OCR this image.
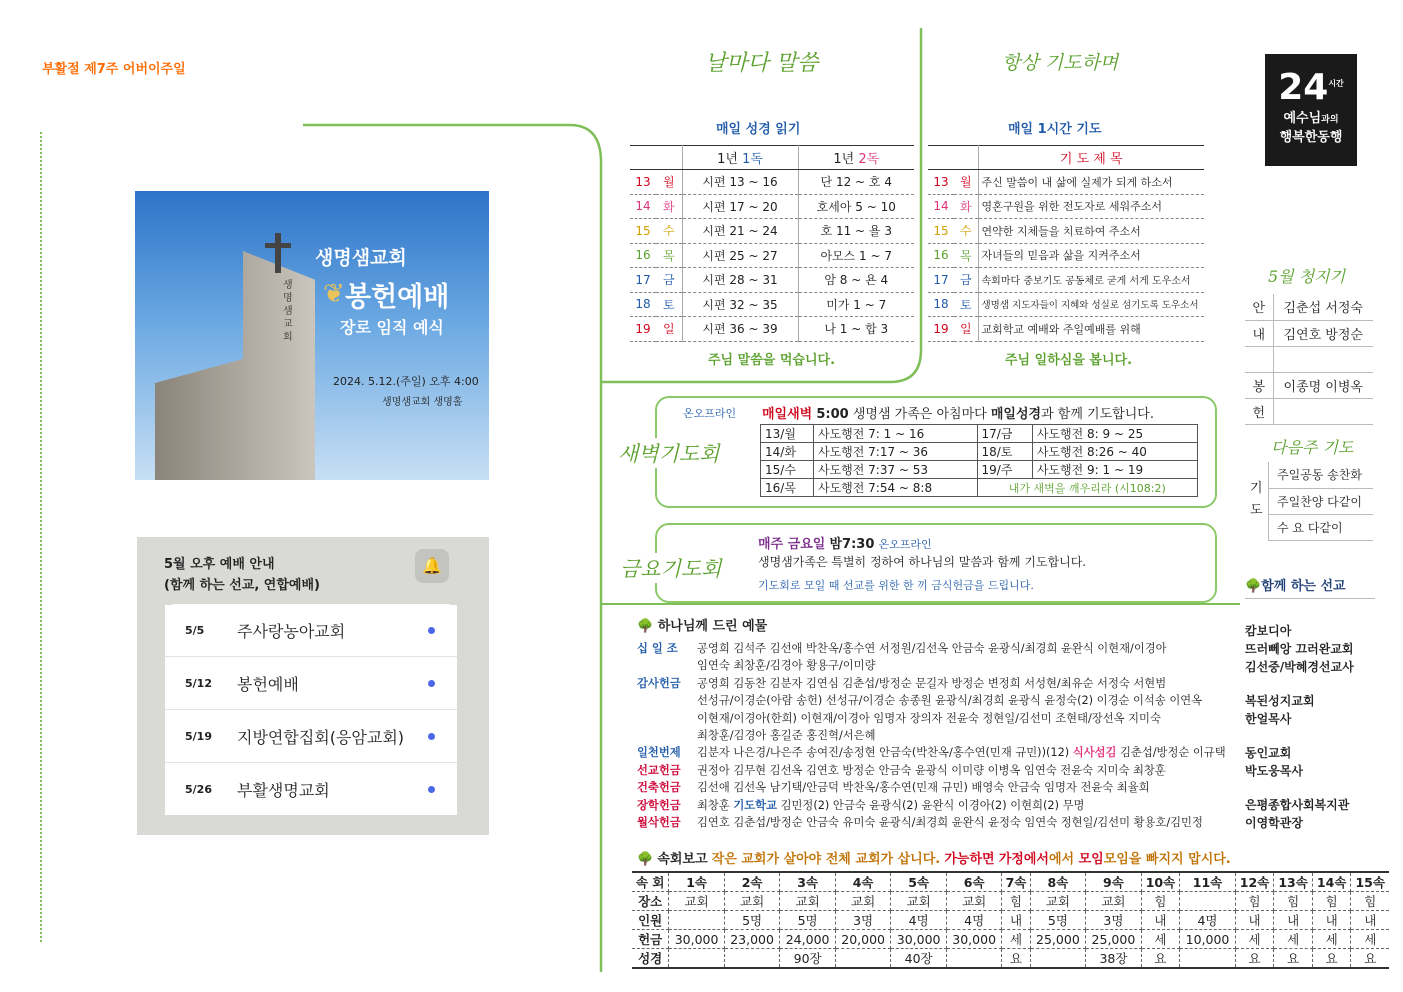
부활절 제7주 어버이주일
생명샘교회
생명샘교회
봉헌예배
❦
장로 임직 예식
2024. 5.12.(주일) 오후 4:00
생명샘교회 생명홀
5월 오후 예배 안내
(함께 하는 선교, 연합예배)
🔔
5/5	주사랑농아교회
5/12	봉헌예배
5/19	지방연합집회(응암교회)
5/26	부활생명교회
날마다 말씀
매일 성경 읽기
		1년 1독	1년 2독
13	월	시편 13 ~ 16	단 12 ~ 호 4
14	화	시편 17 ~ 20	호세아 5 ~ 10
15	수	시편 21 ~ 24	호 11 ~ 욜 3
16	목	시편 25 ~ 27	아모스 1 ~ 7
17	금	시편 28 ~ 31	암 8 ~ 욘 4
18	토	시편 32 ~ 35	미가 1 ~ 7
19	일	시편 36 ~ 39	나 1 ~ 합 3
주님 말씀을 먹습니다.
항상 기도하며
매일 1시간 기도
		기 도 제 목
13	월	주신 말씀이 내 삶에 실제가 되게 하소서
14	화	영혼구원을 위한 전도자로 세워주소서
15	수	연약한 지체들을 치료하여 주소서
16	목	자녀들의 믿음과 삶을 지켜주소서
17	금	속회마다 중보기도 공동체로 굳게 서게 도우소서
18	토	생명샘 지도자들이 지혜와 성실로 섬기도록 도우소서
19	일	교회학교 예배와 주일예배를 위해
주님 일하심을 봅니다.
새벽기도회
온오프라인 매일새벽 5:00 생명샘 가족은 아침마다 매일성경과 함께 기도합니다.
13/월	사도행전 7: 1 ~ 16	17/금	사도행전 8: 9 ~ 25
14/화	사도행전 7:17 ~ 36	18/토	사도행전 8:26 ~ 40
15/수	사도행전 7:37 ~ 53	19/주	사도행전 9: 1 ~ 19
16/목	사도행전 7:54 ~ 8:8	내가 새벽을 깨우리라 (시108:2)	
금요기도회
매주 금요일 밤7:30 온오프라인
생명샘가족은 특별히 정하여 하나님의 말씀과 함께 기도합니다.
기도회로 모일 때 선교를 위한 한 끼 금식헌금을 드립니다.
🌳 하나님께 드린 예물
십 일 조 공영희 김석주 김선애 박찬옥/홍수연 서정원/김선옥 안금숙 윤광식/최경희 윤완식 이현재/이경아
임연숙 최창훈/김경아 황용구/이미량
감사헌금 공영희 김동찬 김분자 김연심 김춘섭/방정순 문길자 방정순 변정희 서성현/최유순 서정숙 서현범
선성규/이경순(아람 송헌) 선성규/이경순 송종원 윤광식/최경희 윤광식 윤정숙(2) 이경순 이석송 이연옥
이현재/이경아(한희) 이현재/이경아 임명자 장의자 전윤숙 정현일/김선미 조현태/장선옥 지미숙
최창훈/김경아 홍길준 홍진혁/서은혜
일천번제 김분자 나은경/나은주 송여진/송정현 안금숙(박찬옥/홍수연(민재 규민))(12) 식사섬김 김춘섭/방정순 이규택
선교헌금 권정아 김무현 김선옥 김연호 방정순 안금숙 윤광식 이미량 이병옥 임연숙 전윤숙 지미숙 최창훈
건축헌금 김선애 김선옥 남기택/안금덕 박찬옥/홍수연(민재 규민) 배영숙 안금숙 임명자 전윤숙 최율희
장학헌금 최창훈 기도학교 김민정(2) 안금숙 윤광식(2) 윤완식 이경아(2) 이현희(2) 무명
월삭헌금 김연호 김춘섭/방정순 안금숙 유미숙 윤광식/최경희 윤완식 윤정숙 임연숙 정현일/김선미 황용호/김민정
🌳 속회보고 작은 교회가 살아야 전체 교회가 삽니다. 가능하면 가정에서에서 모임모임을 빠지지 맙시다.
속 회	1속	2속	3속	4속	5속	6속	7속	8속	9속	10속	11속	12속	13속	14속	15속
장소	교회	교회	교회	교회	교회	교회	힘	교회	교회	힘		힘	힘	힘	힘
인원		5명	5명	3명	4명	4명	내	5명	3명	내	4명	내	내	내	내
헌금	30,000	23,000	24,000	20,000	30,000	30,000	세	25,000	25,000	세	10,000	세	세	세	세
성경			90장		40장		요		38장	요		요	요	요	요
$24^{시간}$
예수님과의
행복한동행
5월 청지기
안	김춘섭 서정숙
내	김연호 방정순

봉	이종명 이병옥
헌	
다음주 기도
기도
주일공동 송찬화
주일찬양 다같이
수 요 다같이
🌳함께 하는 선교
캄보디아
뜨러뻬앙 끄러완교회
김선중/박혜경선교사
복된성지교회
한얼목사
동인교회
박도웅목사
은평종합사회복지관
이영학관장
